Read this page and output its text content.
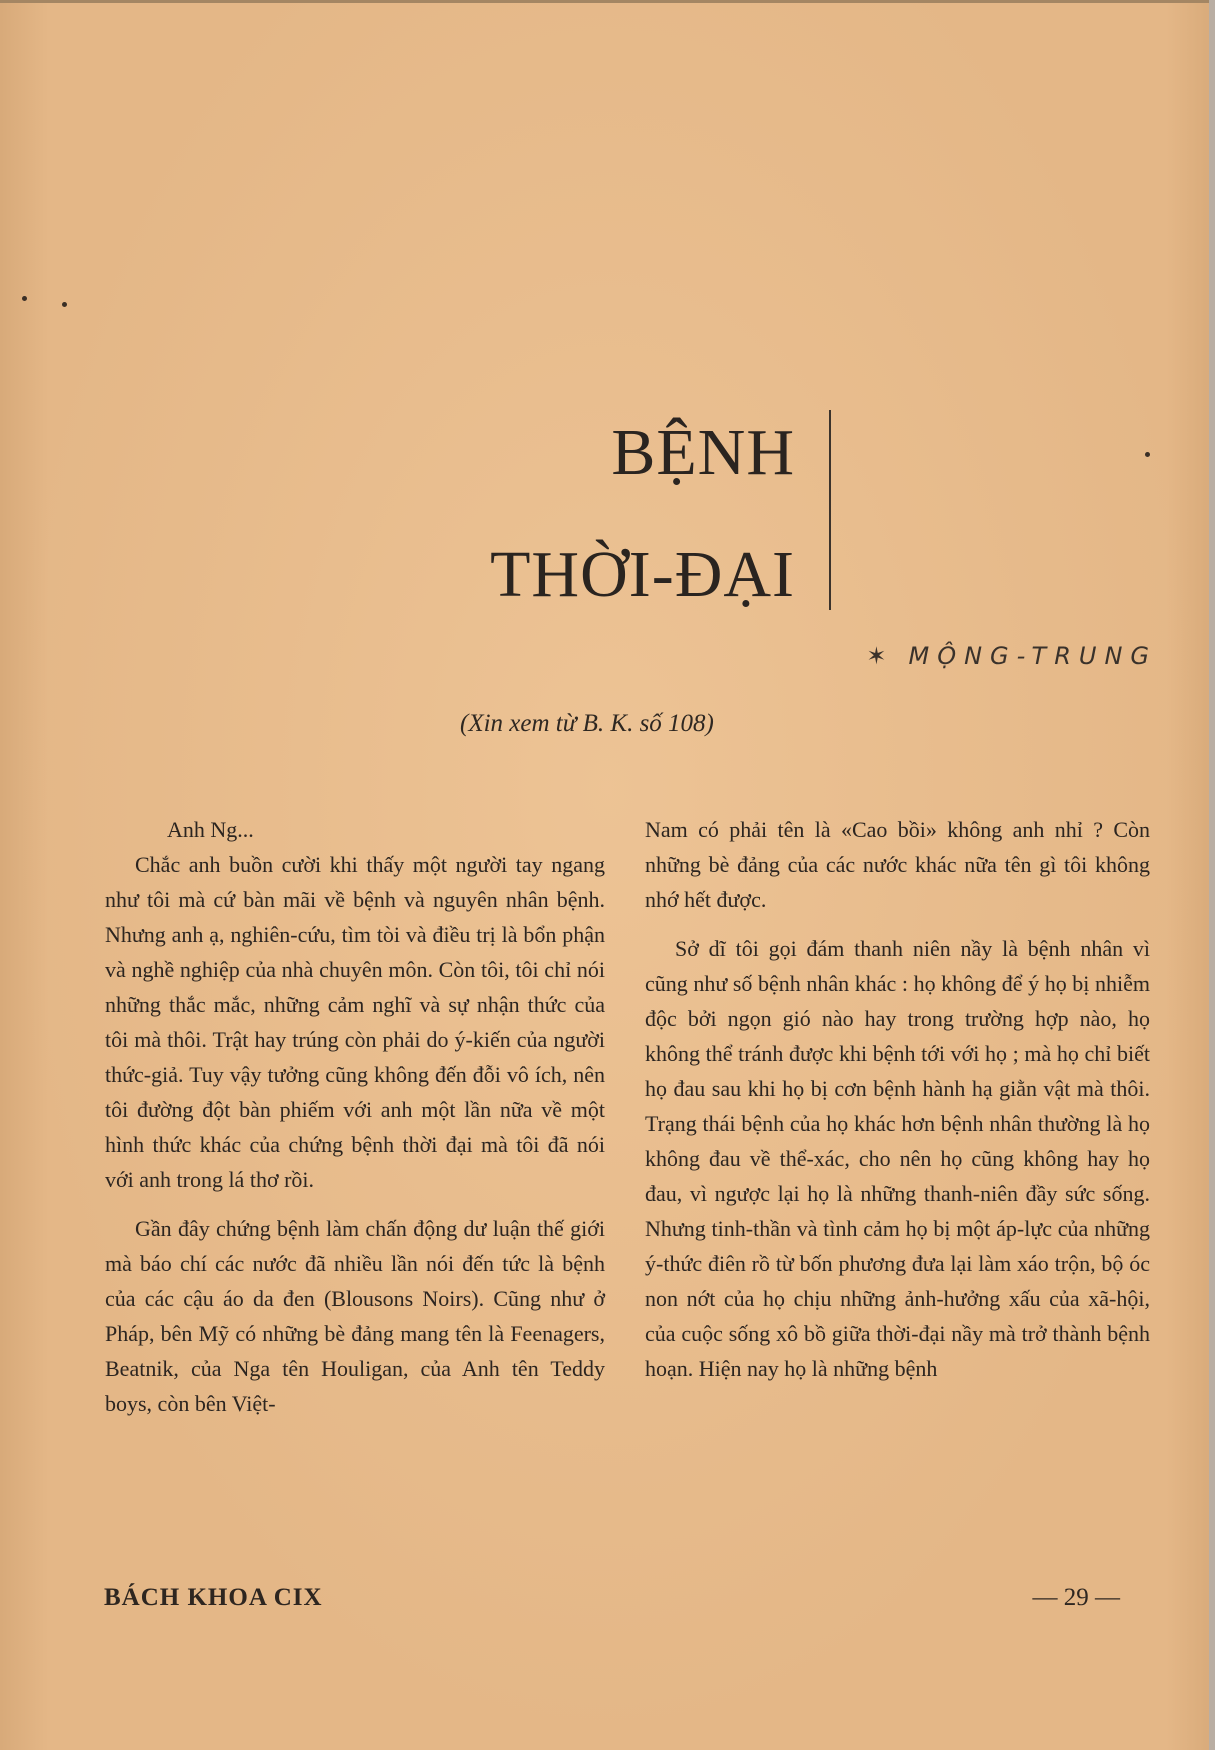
BỆNH
THỜI-ĐẠI
✶ MỘNG-TRUNG
(Xin xem từ B. K. số 108)

Anh Ng...

Chắc anh buồn cười khi thấy một người tay ngang như tôi mà cứ bàn mãi về bệnh và nguyên nhân bệnh. Nhưng anh ạ, nghiên-cứu, tìm tòi và điều trị là bổn phận và nghề nghiệp của nhà chuyên môn. Còn tôi, tôi chỉ nói những thắc mắc, những cảm nghĩ và sự nhận thức của tôi mà thôi. Trật hay trúng còn phải do ý-kiến của người thức-giả. Tuy vậy tưởng cũng không đến đỗi vô ích, nên tôi đường đột bàn phiếm với anh một lần nữa về một hình thức khác của chứng bệnh thời đại mà tôi đã nói với anh trong lá thơ rồi.

Gần đây chứng bệnh làm chấn động dư luận thế giới mà báo chí các nước đã nhiều lần nói đến tức là bệnh của các cậu áo da đen (Blousons Noirs). Cũng như ở Pháp, bên Mỹ có những bè đảng mang tên là Feenagers, Beatnik, của Nga tên Houligan, của Anh tên Teddy boys, còn bên Việt-

Nam có phải tên là «Cao bồi» không anh nhỉ ? Còn những bè đảng của các nước khác nữa tên gì tôi không nhớ hết được.

Sở dĩ tôi gọi đám thanh niên nầy là bệnh nhân vì cũng như số bệnh nhân khác : họ không để ý họ bị nhiễm độc bởi ngọn gió nào hay trong trường hợp nào, họ không thể tránh được khi bệnh tới với họ ; mà họ chỉ biết họ đau sau khi họ bị cơn bệnh hành hạ giằn vật mà thôi. Trạng thái bệnh của họ khác hơn bệnh nhân thường là họ không đau về thể-xác, cho nên họ cũng không hay họ đau, vì ngược lại họ là những thanh-niên đầy sức sống. Nhưng tinh-thần và tình cảm họ bị một áp-lực của những ý-thức điên rồ từ bốn phương đưa lại làm xáo trộn, bộ óc non nớt của họ chịu những ảnh-hưởng xấu của xã-hội, của cuộc sống xô bồ giữa thời-đại nầy mà trở thành bệnh hoạn. Hiện nay họ là những bệnh

BÁCH KHOA CIX	— 29 —
